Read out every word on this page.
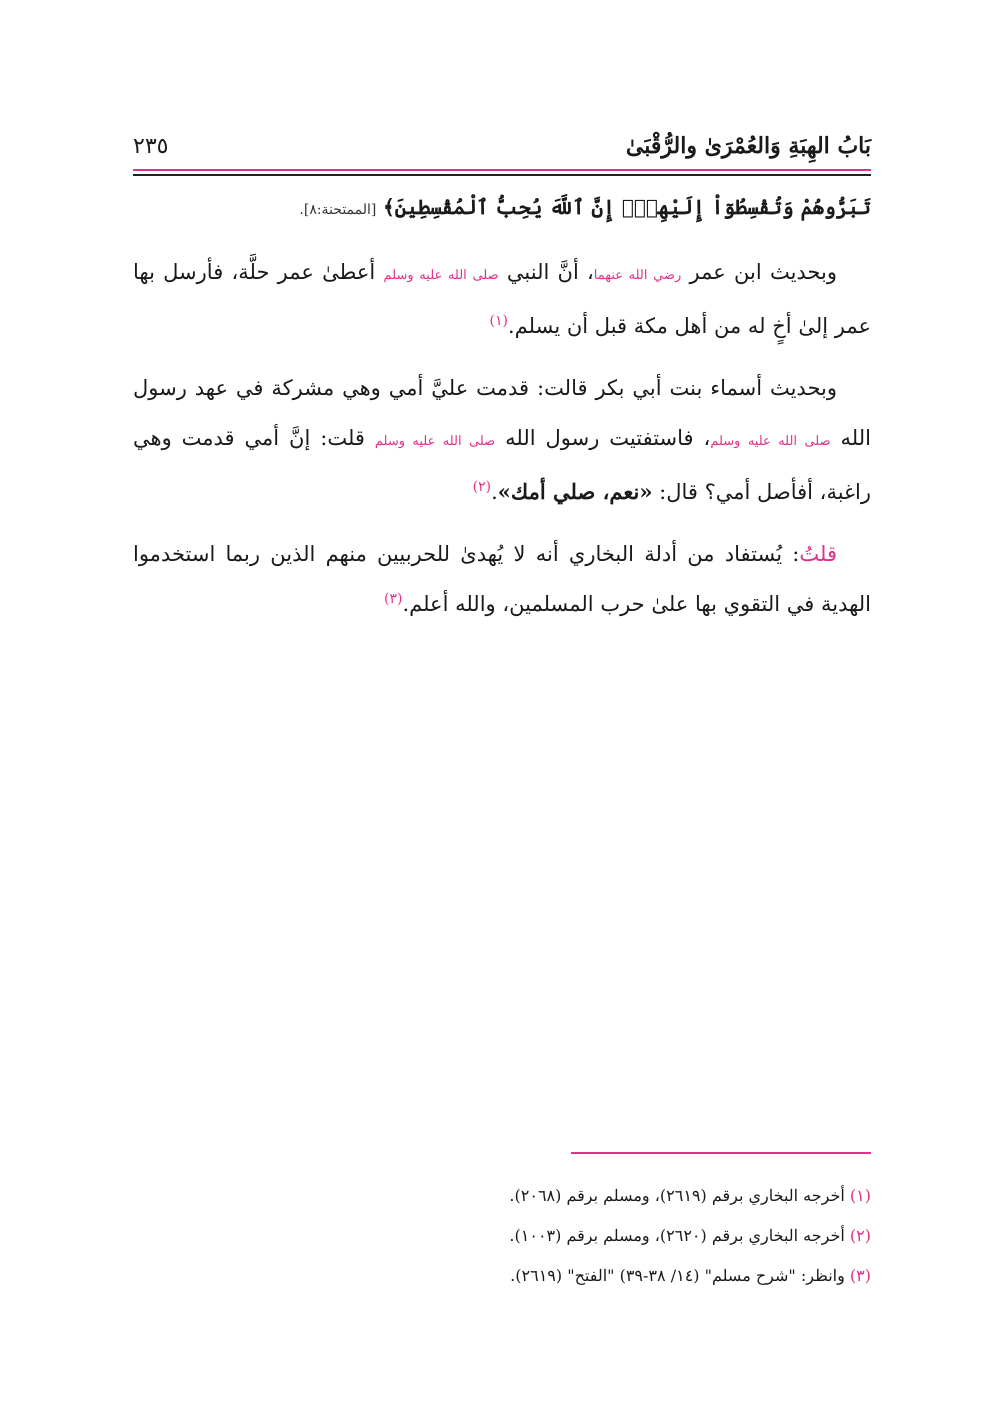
بَابُ الهِبَةِ وَالعُمْرَىٰ والرُّقْبَىٰ
٢٣٥

تَبَرُّوهُمْ وَتُقْسِطُوٓاْ إِلَيْهِمْۚ إِنَّ ٱللَّهَ يُحِبُّ ٱلْمُقْسِطِينَ﴾ [الممتحنة:٨].

وبحديث ابن عمر رضي الله عنهما، أنَّ النبي صلى الله عليه وسلم أعطىٰ عمر حلَّة، فأرسل بها عمر إلىٰ أخٍ له من أهل مكة قبل أن يسلم.$^{(١)}$

وبحديث أسماء بنت أبي بكر قالت: قدمت عليَّ أمي وهي مشركة في عهد رسول الله صلى الله عليه وسلم، فاستفتيت رسول الله صلى الله عليه وسلم قلت: إنَّ أمي قدمت وهي راغبة، أفأصل أمي؟ قال: «نعم، صلي أمك».$^{(٢)}$

قلتُ: يُستفاد من أدلة البخاري أنه لا يُهدىٰ للحربيين منهم الذين ربما استخدموا الهدية في التقوي بها علىٰ حرب المسلمين، والله أعلم.$^{(٣)}$

(١) أخرجه البخاري برقم (٢٦١٩)، ومسلم برقم (٢٠٦٨).

(٢) أخرجه البخاري برقم (٢٦٢٠)، ومسلم برقم (١٠٠٣).

(٣) وانظر: "شرح مسلم" (١٤/ ٣٨-٣٩) "الفتح" (٢٦١٩).
